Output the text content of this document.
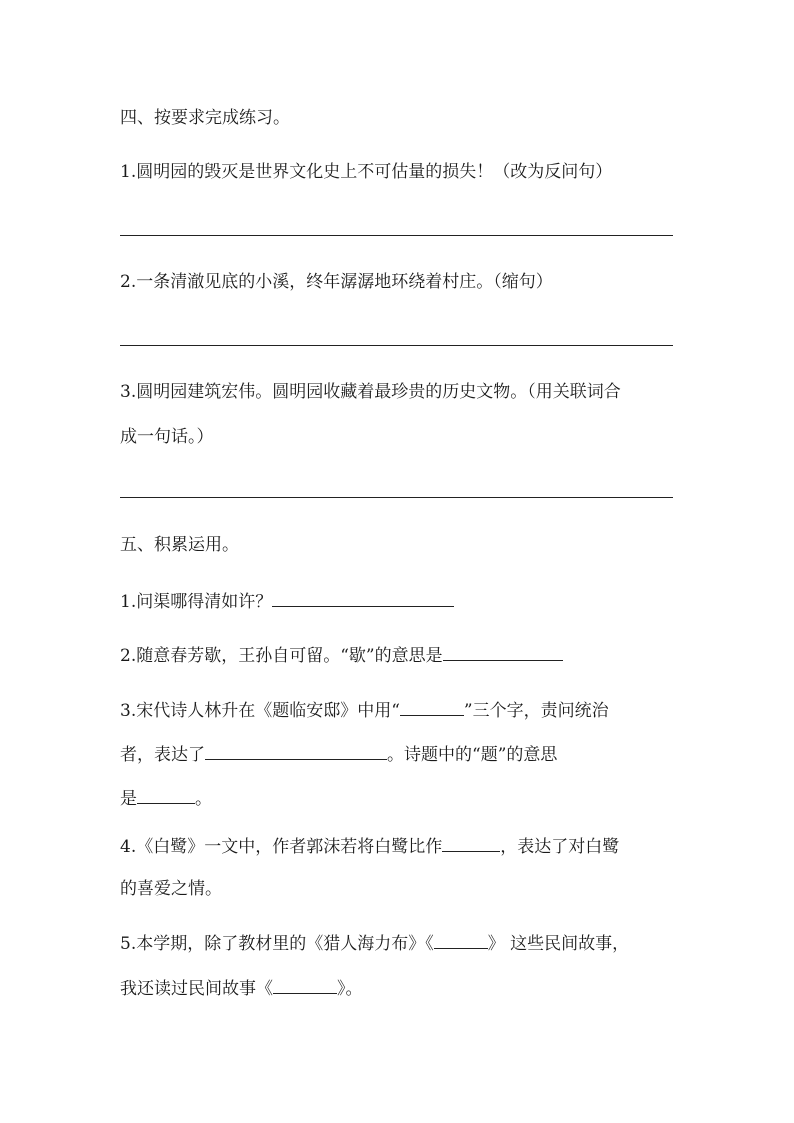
四、按要求完成练习。
1.圆明园的毁灭是世界文化史上不可估量的损失！（改为反问句）
2.一条清澈见底的小溪，终年潺潺地环绕着村庄。（缩句）
3.圆明园建筑宏伟。圆明园收藏着最珍贵的历史文物。（用关联词合
成一句话。）
五、积累运用。
1.问渠哪得清如许？
2.随意春芳歇，王孙自可留。“歇”的意思是
3.宋代诗人林升在《题临安邸》中用“	”三个字，责问统治
者，表达了	。诗题中的“题”的意思
是	。
4.《白鹭》一文中，作者郭沫若将白鹭比作	，表达了对白鹭
的喜爱之情。
5.本学期，除了教材里的《猎人海力布》《	》 这些民间故事，
我还读过民间故事《	》。
